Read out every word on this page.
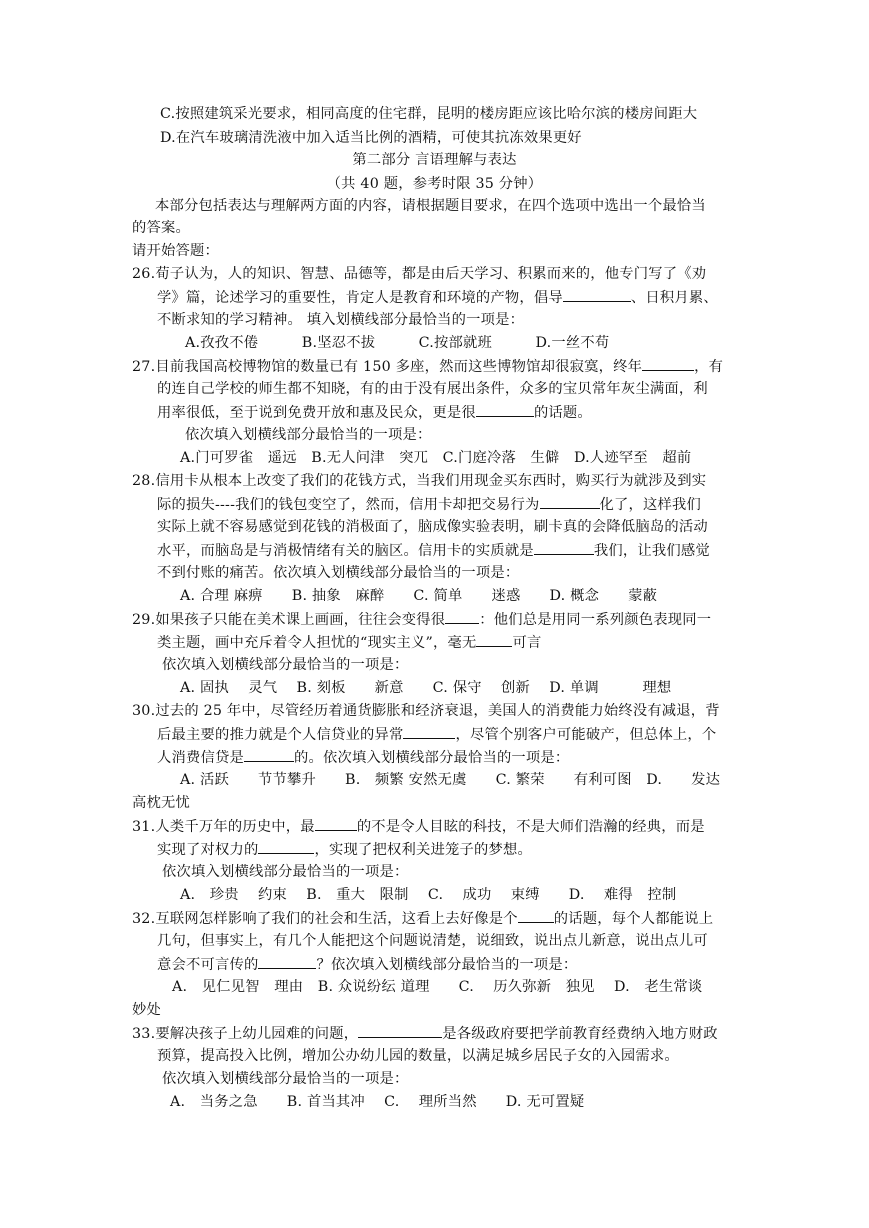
C.按照建筑采光要求，相同高度的住宅群，昆明的楼房距应该比哈尔滨的楼房间距大
D.在汽车玻璃清洗液中加入适当比例的酒精，可使其抗冻效果更好
第二部分 言语理解与表达
（共 40 题，参考时限 35 分钟）
本部分包括表达与理解两方面的内容，请根据题目要求，在四个选项中选出一个最恰当
的答案。
请开始答题：
26.荀子认为，人的知识、智慧、品德等，都是由后天学习、积累而来的，他专门写了《劝
学》篇，论述学习的重要性，肯定人是教育和环境的产物，倡导	、日积月累、
不断求知的学习精神。 填入划横线部分最恰当的一项是：
A.孜孜不倦　　　B.坚忍不拔　　　C.按部就班　　　D.一丝不苟
27.目前我国高校博物馆的数量已有 150 多座，然而这些博物馆却很寂寞，终年	，有
的连自己学校的师生都不知晓，有的由于没有展出条件，众多的宝贝常年灰尘满面，利
用率很低，至于说到免费开放和惠及民众，更是很	的话题。
依次填入划横线部分最恰当的一项是：
A.门可罗雀　遥远　B.无人问津　突兀　C.门庭冷落　生僻　D.人迹罕至　超前
28.信用卡从根本上改变了我们的花钱方式，当我们用现金买东西时，购买行为就涉及到实
际的损失----我们的钱包变空了，然而，信用卡却把交易行为	化了，这样我们
实际上就不容易感觉到花钱的消极面了，脑成像实验表明，刷卡真的会降低脑岛的活动
水平，而脑岛是与消极情绪有关的脑区。信用卡的实质就是	我们，让我们感觉
不到付账的痛苦。依次填入划横线部分最恰当的一项是：
A. 合理 麻痹　　B. 抽象　麻醉　　C. 简单　　迷惑　　D. 概念　　蒙蔽
29.如果孩子只能在美术课上画画，往往会变得很 ：他们总是用同一系列颜色表现同一
类主题，画中充斥着令人担忧的“现实主义”，毫无	可言
依次填入划横线部分最恰当的一项是：
A. 固执　 灵气　 B. 刻板　　新意　　C. 保守　 创新　 D. 单调　　　理想
30.过去的 25 年中，尽管经历着通货膨胀和经济衰退，美国人的消费能力始终没有减退，背
后最主要的推力就是个人信贷业的异常	，尽管个别客户可能破产，但总体上，个
人消费信贷是	的。依次填入划横线部分最恰当的一项是：
A. 活跃　　节节攀升　　B.　频繁 安然无虞　　C. 繁荣　　有利可图　D.　　发达
高枕无忧
31.人类千万年的历史中，最	的不是令人目眩的科技，不是大师们浩瀚的经典，而是
实现了对权力的	，实现了把权利关进笼子的梦想。
依次填入划横线部分最恰当的一项是：
A.　珍贵　 约束　 B.　重大　限制　 C.　 成功　 束缚　　D.　 难得　控制
32.互联网怎样影响了我们的社会和生活，这看上去好像是个	的话题，每个人都能说上
几句，但事实上，有几个人能把这个问题说清楚，说细致，说出点儿新意，说出点儿可
意会不可言传的	？依次填入划横线部分最恰当的一项是：
A.　见仁见智　理由　B. 众说纷纭 道理　　C.　 历久弥新　独见　 D.　老生常谈
妙处
33.要解决孩子上幼儿园难的问题，	是各级政府要把学前教育经费纳入地方财政
预算，提高投入比例，增加公办幼儿园的数量，以满足城乡居民子女的入园需求。
依次填入划横线部分最恰当的一项是：
A.　当务之急　　B. 首当其冲　 C.　 理所当然　　D. 无可置疑
